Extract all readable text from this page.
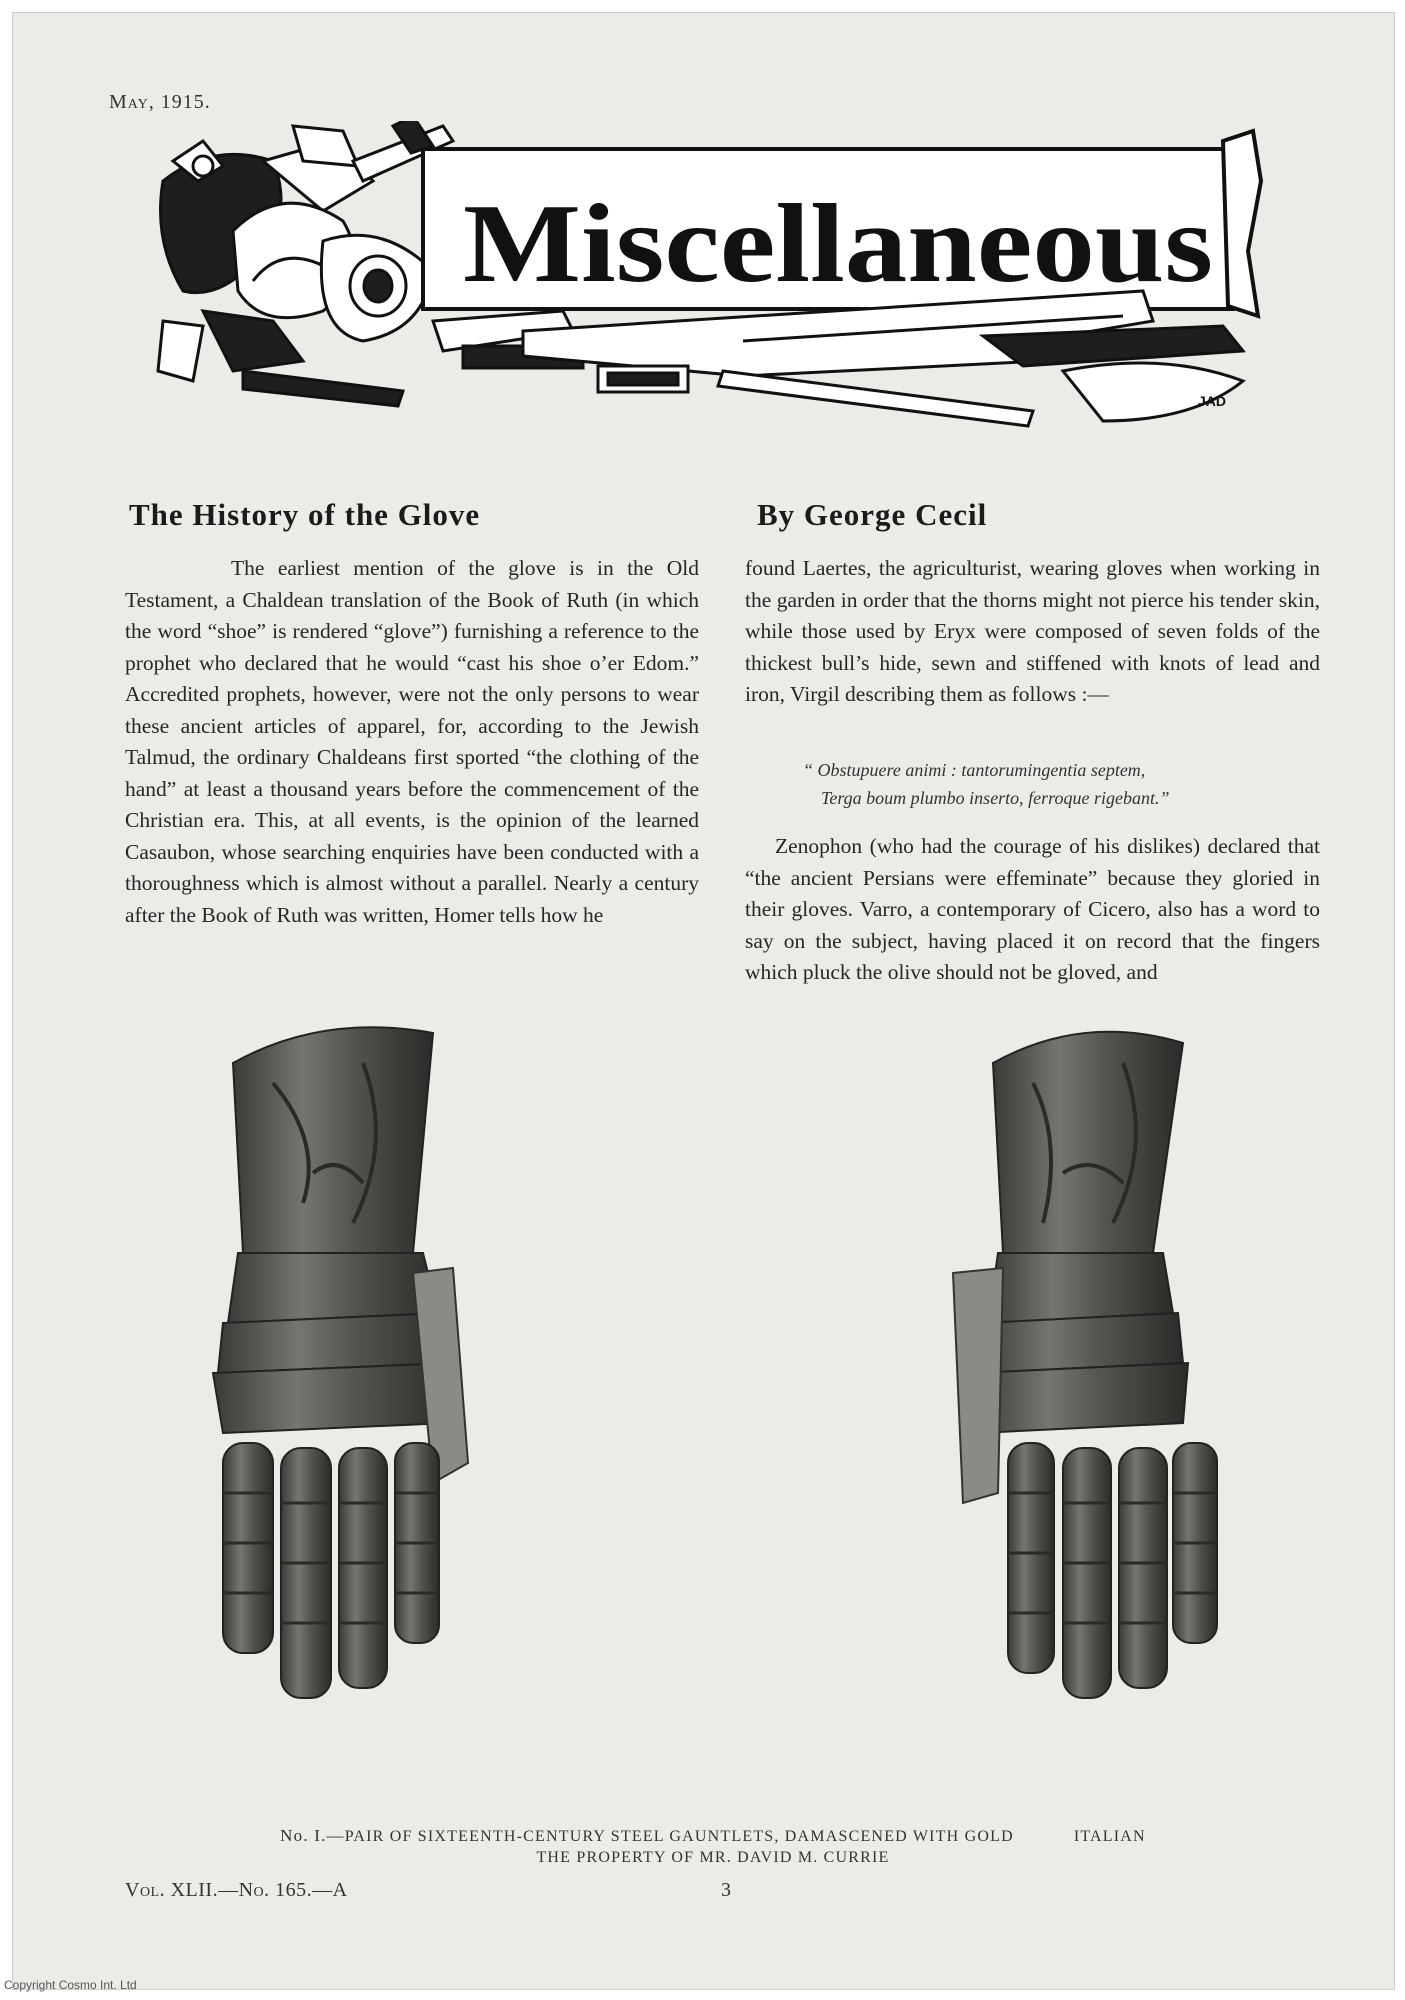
May, 1915.
Miscellaneous
JAD
The History of the Glove	By George Cecil

The earliest mention of the glove is in the Old Testament, a Chaldean translation of the Book of Ruth (in which the word “shoe” is rendered “glove”) furnishing a reference to the prophet who declared that he would “cast his shoe o’er Edom.” Accredited prophets, however, were not the only persons to wear these ancient articles of apparel, for, according to the Jewish Talmud, the ordinary Chaldeans first sported “the clothing of the hand” at least a thousand years before the commencement of the Christian era. This, at all events, is the opinion of the learned Casaubon, whose searching enquiries have been conducted with a thoroughness which is almost without a parallel. Nearly a century after the Book of Ruth was written, Homer tells how he

found Laertes, the agriculturist, wearing gloves when working in the garden in order that the thorns might not pierce his tender skin, while those used by Eryx were composed of seven folds of the thickest bull’s hide, sewn and stiffened with knots of lead and iron, Virgil describing them as follows :—

“ Obstupuere animi : tantorumingentia septem,
Terga boum plumbo inserto, ferroque rigebant.”

Zenophon (who had the courage of his dislikes) declared that “the ancient Persians were effeminate” because they gloried in their gloves. Varro, a contemporary of Cicero, also has a word to say on the subject, having placed it on record that the fingers which pluck the olive should not be gloved, and

No. I.—PAIR OF SIXTEENTH-CENTURY STEEL GAUNTLETS, DAMASCENED WITH GOLD	ITALIAN
THE PROPERTY OF MR. DAVID M. CURRIE
Vol. XLII.—No. 165.—A	3
Copyright Cosmo Int. Ltd
